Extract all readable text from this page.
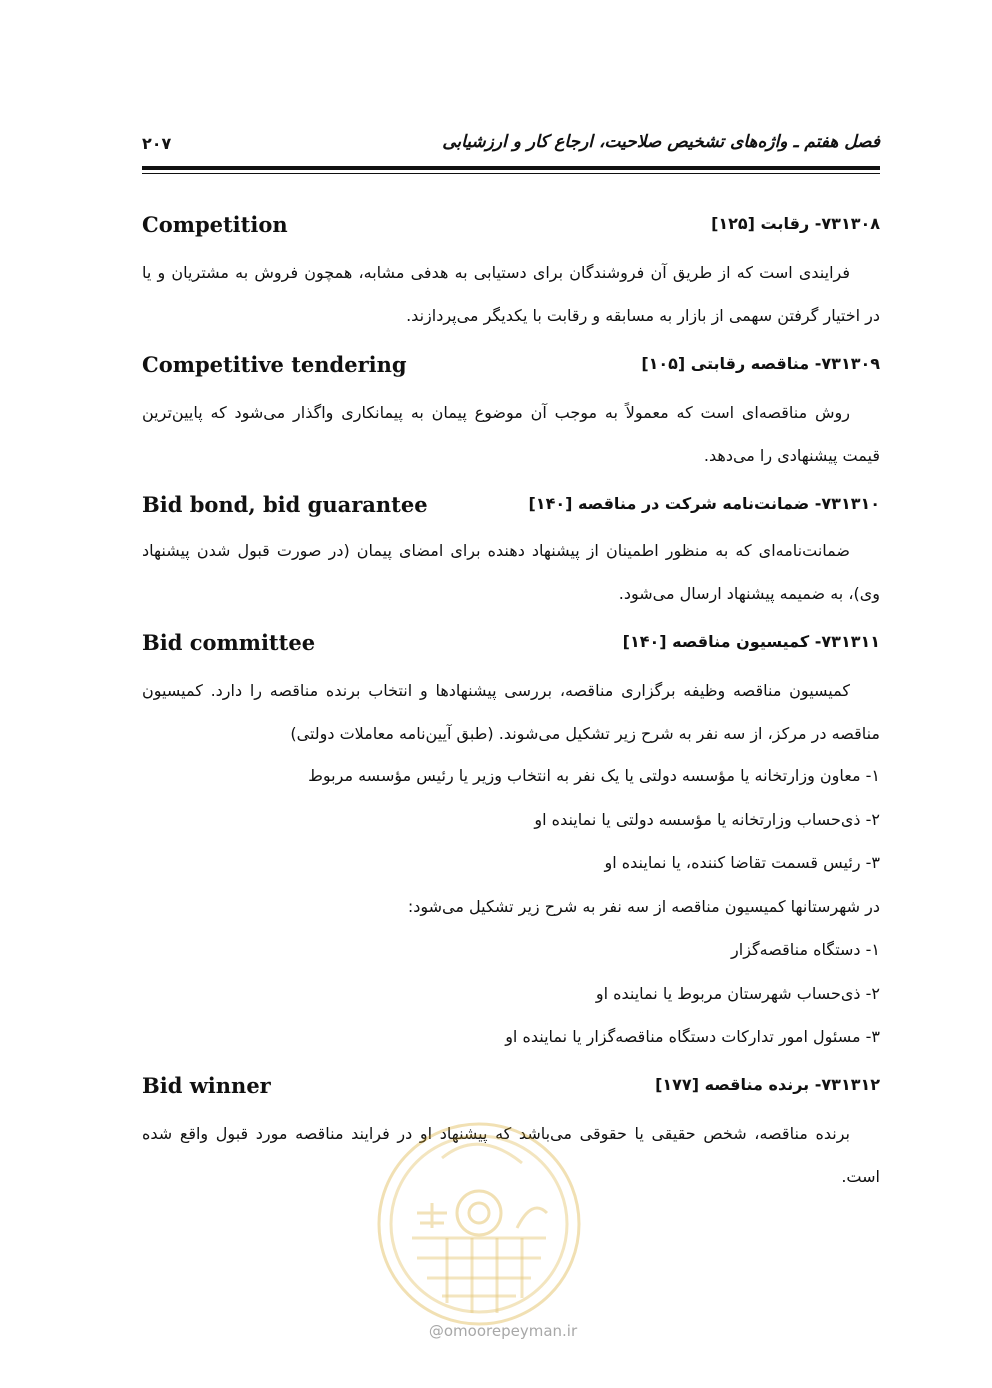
فصل هفتم ـ واژه‌های تشخیص صلاحیت، ارجاع کار و ارزشیابی
۲۰۷
۷۳۱۳۰۸- رقابت [۱۲۵]
Competition
فرایندی است که از طریق آن فروشندگان برای دستیابی به هدفی مشابه، همچون فروش به مشتریان و یا در اختیار گرفتن سهمی از بازار به مسابقه و رقابت با یکدیگر می‌پردازند.
۷۳۱۳۰۹- مناقصه رقابتی [۱۰۵]
Competitive tendering
روش مناقصه‌ای است که معمولاً به موجب آن موضوع پیمان به پیمانکاری واگذار می‌شود که پایین‌ترین قیمت پیشنهادی را می‌دهد.
۷۳۱۳۱۰- ضمانت‌نامه شرکت در مناقصه [۱۴۰]
Bid bond, bid guarantee
ضمانت‌نامه‌ای که به منظور اطمینان از پیشنهاد دهنده برای امضای پیمان (در صورت قبول شدن پیشنهاد وی)، به ضمیمه پیشنهاد ارسال می‌شود.
۷۳۱۳۱۱- کمیسیون مناقصه [۱۴۰]
Bid committee
کمیسیون مناقصه وظیفه برگزاری مناقصه، بررسی پیشنهادها و انتخاب برنده مناقصه را دارد. کمیسیون مناقصه در مرکز، از سه نفر به شرح زیر تشکیل می‌شوند. (طبق آیین‌نامه معاملات دولتی)
۱- معاون وزارتخانه یا مؤسسه دولتی یا یک نفر به انتخاب وزیر یا رئیس مؤسسه مربوط
۲- ذی‌حساب وزارتخانه یا مؤسسه دولتی یا نماینده او
۳- رئیس قسمت تقاضا کننده، یا نماینده او
در شهرستانها کمیسیون مناقصه از سه نفر به شرح زیر تشکیل می‌شود:
۱- دستگاه مناقصه‌گزار
۲- ذی‌حساب شهرستان مربوط یا نماینده او
۳- مسئول امور تدارکات دستگاه مناقصه‌گزار یا نماینده او
۷۳۱۳۱۲- برنده مناقصه [۱۷۷]
Bid winner
برنده مناقصه، شخص حقیقی یا حقوقی می‌باشد که پیشنهاد او در فرایند مناقصه مورد قبول واقع شده است.
@omoorepeyman.ir
